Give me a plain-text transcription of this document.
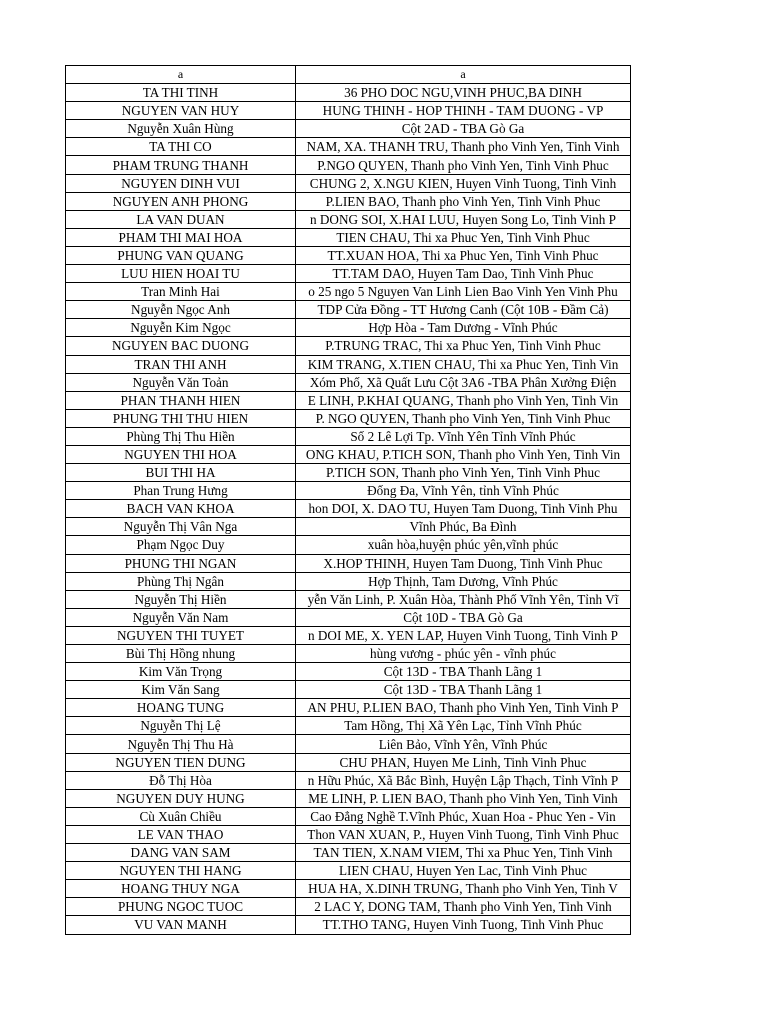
a	a
TA THI TINH	36 PHO DOC NGU,VINH PHUC,BA DINH
NGUYEN VAN HUY	HUNG THINH - HOP THINH - TAM DUONG - VP
Nguyễn Xuân Hùng	Cột 2AD - TBA Gò Ga
TA THI CO	NAM, XA. THANH TRU, Thanh pho Vinh Yen, Tinh Vinh
PHAM TRUNG THANH	P.NGO QUYEN, Thanh pho Vinh Yen, Tinh Vinh Phuc
NGUYEN DINH VUI	CHUNG 2, X.NGU KIEN, Huyen Vinh Tuong, Tinh Vinh
NGUYEN ANH PHONG	P.LIEN BAO, Thanh pho Vinh Yen, Tinh Vinh Phuc
LA VAN DUAN	n DONG SOI, X.HAI LUU, Huyen Song Lo, Tinh Vinh P
PHAM THI MAI HOA	TIEN CHAU, Thi xa Phuc Yen, Tinh Vinh Phuc
PHUNG VAN QUANG	TT.XUAN HOA, Thi xa Phuc Yen, Tinh Vinh Phuc
LUU HIEN HOAI TU	TT.TAM DAO, Huyen Tam Dao, Tinh Vinh Phuc
Tran Minh Hai	o 25 ngo 5 Nguyen Van Linh Lien Bao Vinh Yen Vinh Phu
Nguyễn Ngọc Anh	TDP Cửa Đồng - TT Hương Canh (Cột 10B - Đầm Cả)
Nguyễn Kim Ngọc	Hợp Hòa - Tam Dương - Vĩnh Phúc
NGUYEN BAC DUONG	P.TRUNG TRAC, Thi xa Phuc Yen, Tinh Vinh Phuc
TRAN THI ANH	KIM TRANG, X.TIEN CHAU, Thi xa Phuc Yen, Tinh Vin
Nguyễn Văn Toản	Xóm Phố, Xã Quất Lưu Cột 3A6 -TBA Phân Xưởng Điện
PHAN THANH HIEN	E LINH, P.KHAI QUANG, Thanh pho Vinh Yen, Tinh Vin
PHUNG THI THU HIEN	P. NGO QUYEN, Thanh pho Vinh Yen, Tinh Vinh Phuc
Phùng Thị Thu Hiền	Số 2 Lê Lợi Tp. Vĩnh Yên Tỉnh Vĩnh Phúc
NGUYEN THI HOA	ONG KHAU, P.TICH SON, Thanh pho Vinh Yen, Tinh Vin
BUI THI HA	P.TICH SON, Thanh pho Vinh Yen, Tinh Vinh Phuc
Phan Trung Hưng	Đống Đa, Vĩnh Yên, tỉnh Vĩnh Phúc
BACH VAN KHOA	hon DOI, X. DAO TU, Huyen Tam Duong, Tinh Vinh Phu
Nguyễn Thị Vân Nga	Vĩnh Phúc, Ba Đình
Phạm Ngọc Duy	xuân hòa,huyện phúc yên,vĩnh phúc
PHUNG THI NGAN	X.HOP THINH, Huyen Tam Duong, Tinh Vinh Phuc
Phùng Thị Ngân	Hợp Thịnh, Tam Dương, Vĩnh Phúc
Nguyễn Thị Hiền	yễn Văn Linh, P. Xuân Hòa, Thành Phố Vĩnh Yên, Tỉnh Vĩ
Nguyễn Văn Nam	Cột 10D - TBA Gò Ga
NGUYEN THI TUYET	n DOI ME, X. YEN LAP, Huyen Vinh Tuong, Tinh Vinh P
Bùi Thị Hồng nhung	hùng vương - phúc yên - vĩnh phúc
Kim Văn Trọng	Cột 13D - TBA Thanh Lãng 1
Kim Văn Sang	Cột 13D - TBA Thanh Lãng 1
HOANG TUNG	AN PHU, P.LIEN BAO, Thanh pho Vinh Yen, Tinh Vinh P
Nguyễn Thị Lệ	Tam Hồng, Thị Xã Yên Lạc, Tỉnh Vĩnh Phúc
Nguyễn Thị Thu Hà	Liên Bảo, Vĩnh Yên, Vĩnh Phúc
NGUYEN TIEN DUNG	CHU PHAN, Huyen Me Linh, Tinh Vinh Phuc
Đỗ Thị Hòa	n Hữu Phúc, Xã Bắc Bình, Huyện Lập Thạch, Tỉnh Vĩnh P
NGUYEN DUY HUNG	ME LINH, P. LIEN BAO, Thanh pho Vinh Yen, Tinh Vinh
Cù Xuân Chiều	Cao Đẳng Nghề T.Vĩnh Phúc, Xuan Hoa - Phuc Yen - Vin
LE VAN THAO	Thon VAN XUAN, P., Huyen Vinh Tuong, Tinh Vinh Phuc
DANG VAN SAM	TAN TIEN, X.NAM VIEM, Thi xa Phuc Yen, Tinh Vinh
NGUYEN THI HANG	LIEN CHAU, Huyen Yen Lac, Tinh Vinh Phuc
HOANG THUY NGA	HUA HA, X.DINH TRUNG, Thanh pho Vinh Yen, Tinh V
PHUNG NGOC TUOC	2 LAC Y, DONG TAM, Thanh pho Vinh Yen, Tinh Vinh
VU VAN MANH	TT.THO TANG, Huyen Vinh Tuong, Tinh Vinh Phuc
